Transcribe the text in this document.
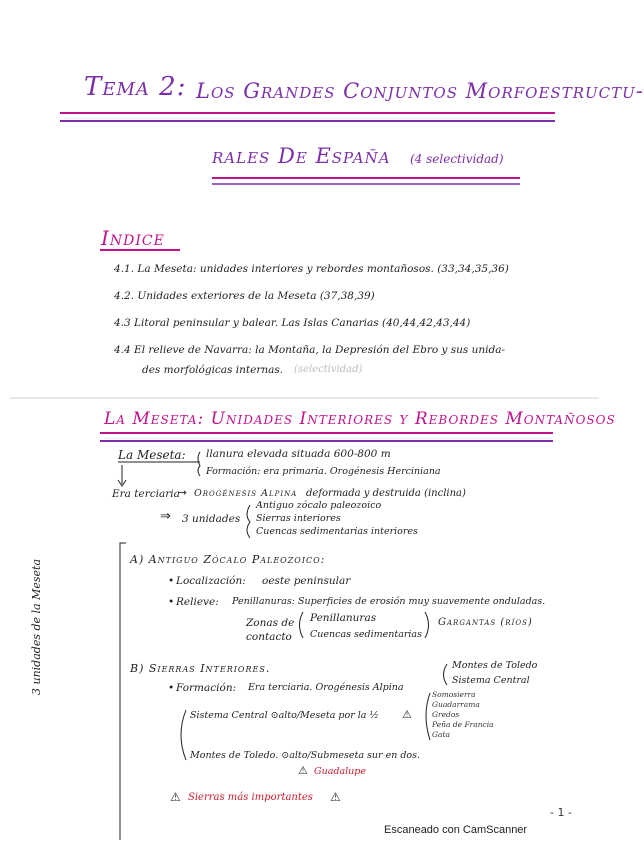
Tema 2: Los Grandes Conjuntos Morfoestructu-
rales De España (4 selectividad)
Indice
4.1. La Meseta: unidades interiores y rebordes montañosos. (33,34,35,36)
4.2. Unidades exteriores de la Meseta (37,38,39)
4.3 Litoral peninsular y balear. Las Islas Canarias (40,44,42,43,44)
4.4 El relieve de Navarra: la Montaña, la Depresión del Ebro y sus unida-
des morfológicas internas. (selectividad)
La Meseta: Unidades Interiores y Rebordes Montañosos
La Meseta: llanura elevada situada 600-800 m
Formación: era primaria. Orogénesis Herciniana
Era terciaria
→ Orogénesis Alpina deformada y destruida (inclina)
⇒ 3 unidades
Antiguo zócalo paleozoico
Sierras interiores
Cuencas sedimentarias interiores
3 unidades de la Meseta	A) Antiguo Zócalo Paleozoico:
• Localización: oeste peninsular
• Relieve: Penillanuras: Superficies de erosión muy suavemente onduladas.
Zonas de
contacto
Penillanuras
Cuencas sedimentarias
Gargantas (ríos)
B) Sierras Interiores.
• Formación: Era terciaria. Orogénesis Alpina
Montes de Toledo
Sistema Central
Sistema Central ⊙alto/Meseta por la ½ ⚠
Somosierra
Guadarrama
Gredos
Peña de Francia
Gata
Montes de Toledo. ⊙alto/Submeseta sur en dos.
⚠ Guadalupe
⚠ Sierras más importantes ⚠
- 1 -
Escaneado con CamScanner
